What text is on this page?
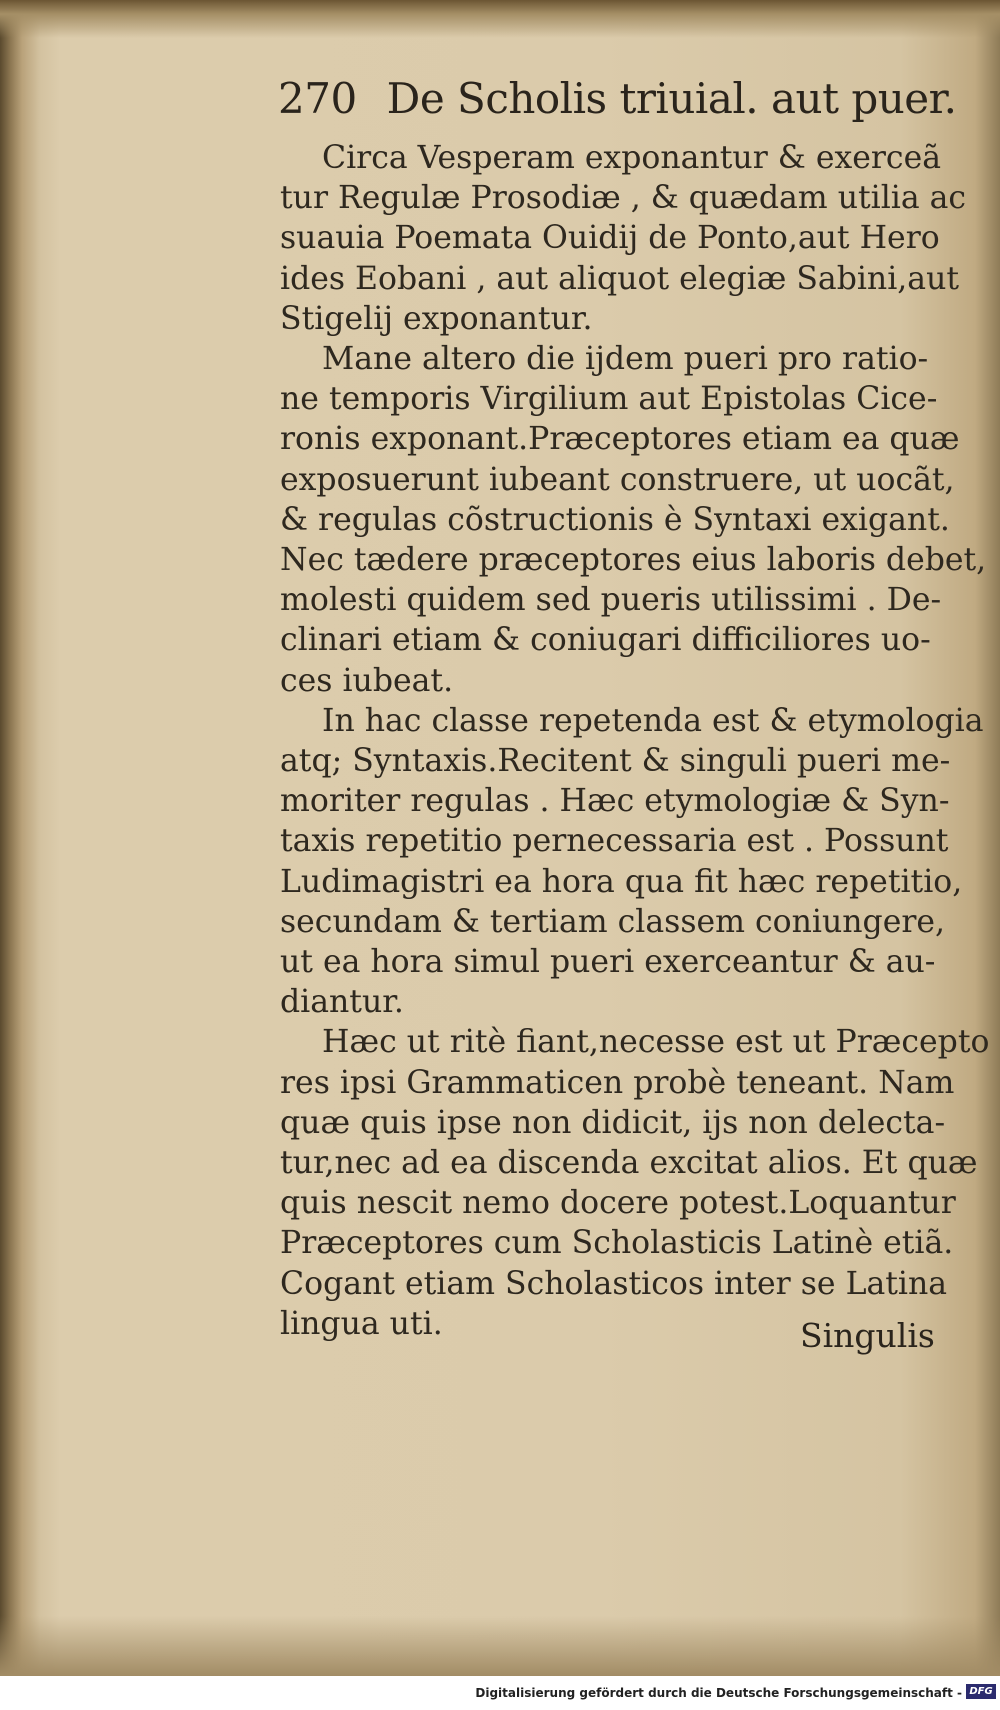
270 De Scholis triuial. aut puer.
Circa Vesperam exponantur & exerceã
tur Regulæ Prosodiæ , & quædam utilia ac
suauia Poemata Ouidij de Ponto,aut Hero
ides Eobani , aut aliquot elegiæ Sabini,aut
Stigelij exponantur.
Mane altero die ijdem pueri pro ratio-
ne temporis Virgilium aut Epistolas Cice-
ronis exponant.Præceptores etiam ea quæ
exposuerunt iubeant construere, ut uocãt,
& regulas cõstructionis è Syntaxi exigant.
Nec tædere præceptores eius laboris debet,
molesti quidem sed pueris utilissimi . De-
clinari etiam & coniugari difficiliores uo-
ces iubeat.
In hac classe repetenda est & etymologia
atq; Syntaxis.Recitent & singuli pueri me-
moriter regulas . Hæc etymologiæ & Syn-
taxis repetitio pernecessaria est . Possunt
Ludimagistri ea hora qua fit hæc repetitio,
secundam & tertiam classem coniungere,
ut ea hora simul pueri exerceantur & au-
diantur.
Hæc ut ritè fiant,necesse est ut Præcepto
res ipsi Grammaticen probè teneant. Nam
quæ quis ipse non didicit, ijs non delecta-
tur,nec ad ea discenda excitat alios. Et quæ
quis nescit nemo docere potest.Loquantur
Præceptores cum Scholasticis Latinè etiã.
Cogant etiam Scholasticos inter se Latina
lingua uti.	Singulis
Digitalisierung gefördert durch die Deutsche Forschungsgemeinschaft - DFG
